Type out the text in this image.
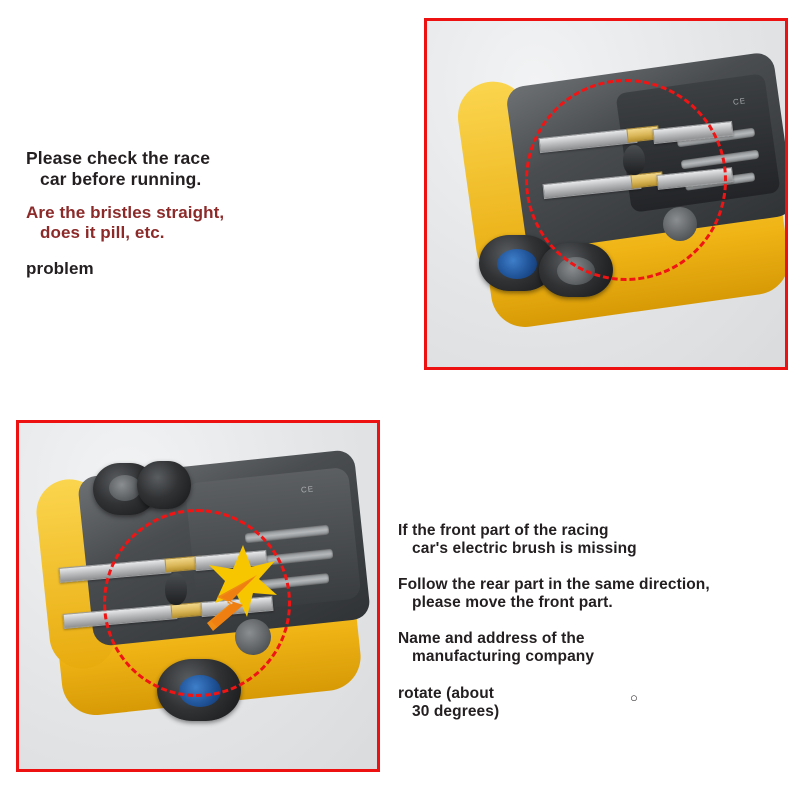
Please check the race
car before running.
Are the bristles straight,
does it pill, etc.
problem
CE
CE
If the front part of the racing
car's electric brush is missing
Follow the rear part in the same direction,
please move the front part.
Name and address of the
manufacturing company
rotate (about
30 degrees)
○
